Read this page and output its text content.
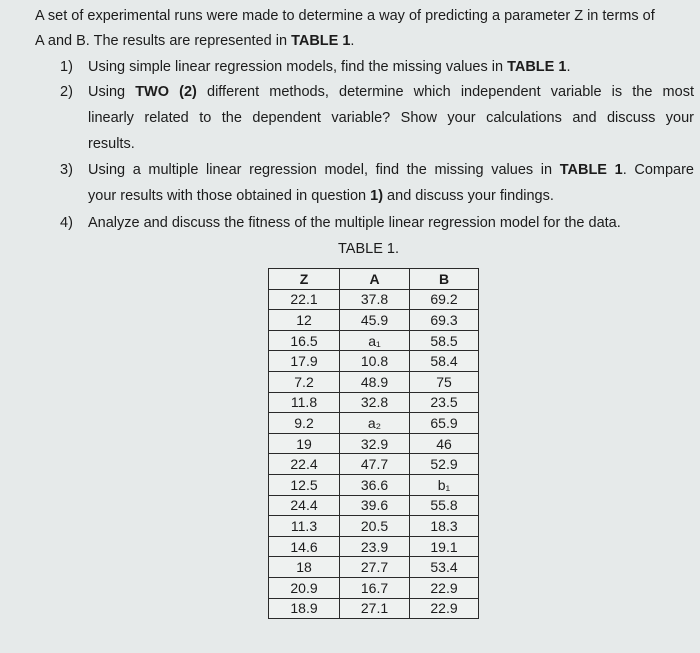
A set of experimental runs were made to determine a way of predicting a parameter Z in terms of
A and B. The results are represented in TABLE 1.
1) Using simple linear regression models, find the missing values in TABLE 1.
2) Using TWO (2) different methods, determine which independent variable is the most
linearly related to the dependent variable? Show your calculations and discuss your
results.
3) Using a multiple linear regression model, find the missing values in TABLE 1. Compare
your results with those obtained in question 1) and discuss your findings.
4) Analyze and discuss the fitness of the multiple linear regression model for the data.
TABLE 1.
Z	A	B
22.1	37.8	69.2
12	45.9	69.3
16.5	a₁	58.5
17.9	10.8	58.4
7.2	48.9	75
11.8	32.8	23.5
9.2	a₂	65.9
19	32.9	46
22.4	47.7	52.9
12.5	36.6	b₁
24.4	39.6	55.8
11.3	20.5	18.3
14.6	23.9	19.1
18	27.7	53.4
20.9	16.7	22.9
18.9	27.1	22.9
